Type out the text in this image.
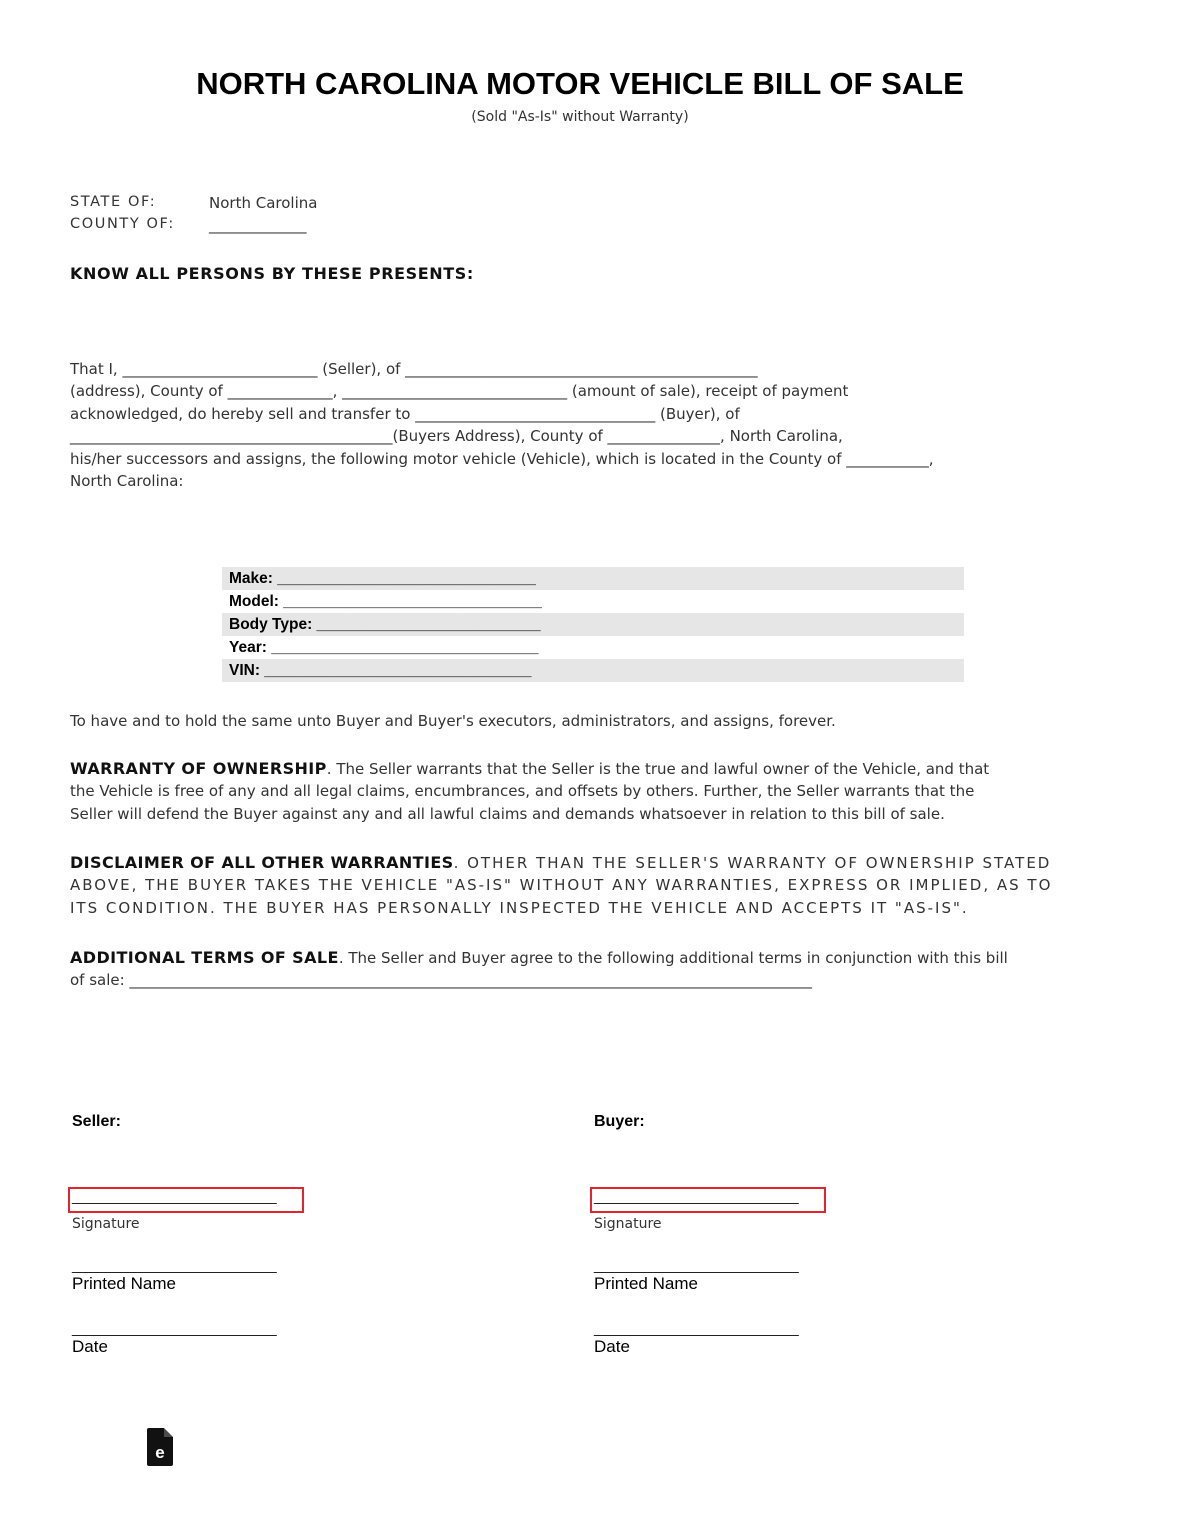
NORTH CAROLINA MOTOR VEHICLE BILL OF SALE
(Sold "As-Is" without Warranty)
STATE OF:	North Carolina
COUNTY OF: _____________
KNOW ALL PERSONS BY THESE PRESENTS:
That I, __________________________ (Seller), of _______________________________________________
(address), County of ______________, ______________________________ (amount of sale), receipt of payment
acknowledged, do hereby sell and transfer to ________________________________ (Buyer), of
___________________________________________(Buyers Address), County of _______________, North Carolina,
his/her successors and assigns, the following motor vehicle (Vehicle), which is located in the County of ___________,
North Carolina:
Make: ______________________________
Model: ______________________________
Body Type: __________________________
Year: _______________________________
VIN: _______________________________
To have and to hold the same unto Buyer and Buyer's executors, administrators, and assigns, forever.
WARRANTY OF OWNERSHIP. The Seller warrants that the Seller is the true and lawful owner of the Vehicle, and that
the Vehicle is free of any and all legal claims, encumbrances, and offsets by others. Further, the Seller warrants that the
Seller will defend the Buyer against any and all lawful claims and demands whatsoever in relation to this bill of sale.
DISCLAIMER OF ALL OTHER WARRANTIES. OTHER THAN THE SELLER'S WARRANTY OF OWNERSHIP STATED
ABOVE, THE BUYER TAKES THE VEHICLE "AS-IS" WITHOUT ANY WARRANTIES, EXPRESS OR IMPLIED, AS TO
ITS CONDITION. THE BUYER HAS PERSONALLY INSPECTED THE VEHICLE AND ACCEPTS IT "AS-IS".
ADDITIONAL TERMS OF SALE. The Seller and Buyer agree to the following additional terms in conjunction with this bill
of sale: ___________________________________________________________________________________________
Seller:
_______________________
Signature
_______________________
Printed Name
_______________________
Date
Buyer:
_______________________
Signature
_______________________
Printed Name
_______________________
Date
e
